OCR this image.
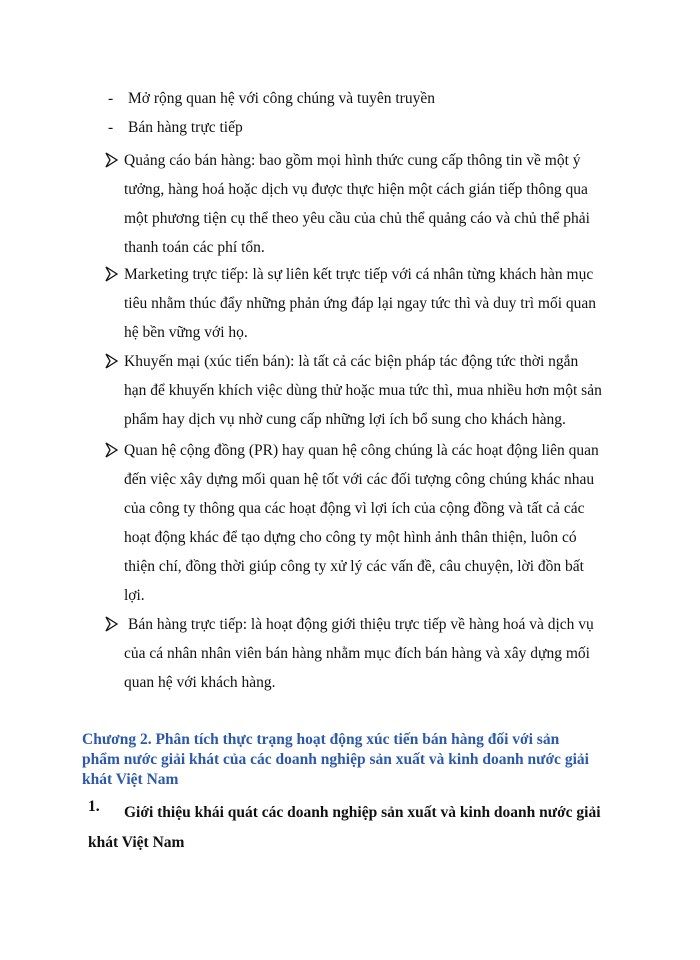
- Mở rộng quan hệ với công chúng và tuyên truyền
- Bán hàng trực tiếp
Quảng cáo bán hàng: bao gồm mọi hình thức cung cấp thông tin về một ý
tưởng, hàng hoá hoặc dịch vụ được thực hiện một cách gián tiếp thông qua
một phương tiện cụ thể theo yêu cầu của chủ thể quảng cáo và chủ thể phải
thanh toán các phí tổn.
Marketing trực tiếp: là sự liên kết trực tiếp với cá nhân từng khách hàn mục
tiêu nhằm thúc đẩy những phản ứng đáp lại ngay tức thì và duy trì mối quan
hệ bền vững với họ.
Khuyến mại (xúc tiến bán): là tất cả các biện pháp tác động tức thời ngắn
hạn để khuyến khích việc dùng thử hoặc mua tức thì, mua nhiều hơn một sản
phẩm hay dịch vụ nhờ cung cấp những lợi ích bổ sung cho khách hàng.
Quan hệ cộng đồng (PR) hay quan hệ công chúng là các hoạt động liên quan
đến việc xây dựng mối quan hệ tốt với các đối tượng công chúng khác nhau
của công ty thông qua các hoạt động vì lợi ích của cộng đồng và tất cả các
hoạt động khác để tạo dựng cho công ty một hình ảnh thân thiện, luôn có
thiện chí, đồng thời giúp công ty xử lý các vấn đề, câu chuyện, lời đồn bất
lợi.
Bán hàng trực tiếp: là hoạt động giới thiệu trực tiếp về hàng hoá và dịch vụ
của cá nhân nhân viên bán hàng nhằm mục đích bán hàng và xây dựng mối
quan hệ với khách hàng.
Chương 2. Phân tích thực trạng hoạt động xúc tiến bán hàng đối với sản
phẩm nước giải khát của các doanh nghiệp sản xuất và kinh doanh nước giải
khát Việt Nam
1.	Giới thiệu khái quát các doanh nghiệp sản xuất và kinh doanh nước giải
khát Việt Nam
